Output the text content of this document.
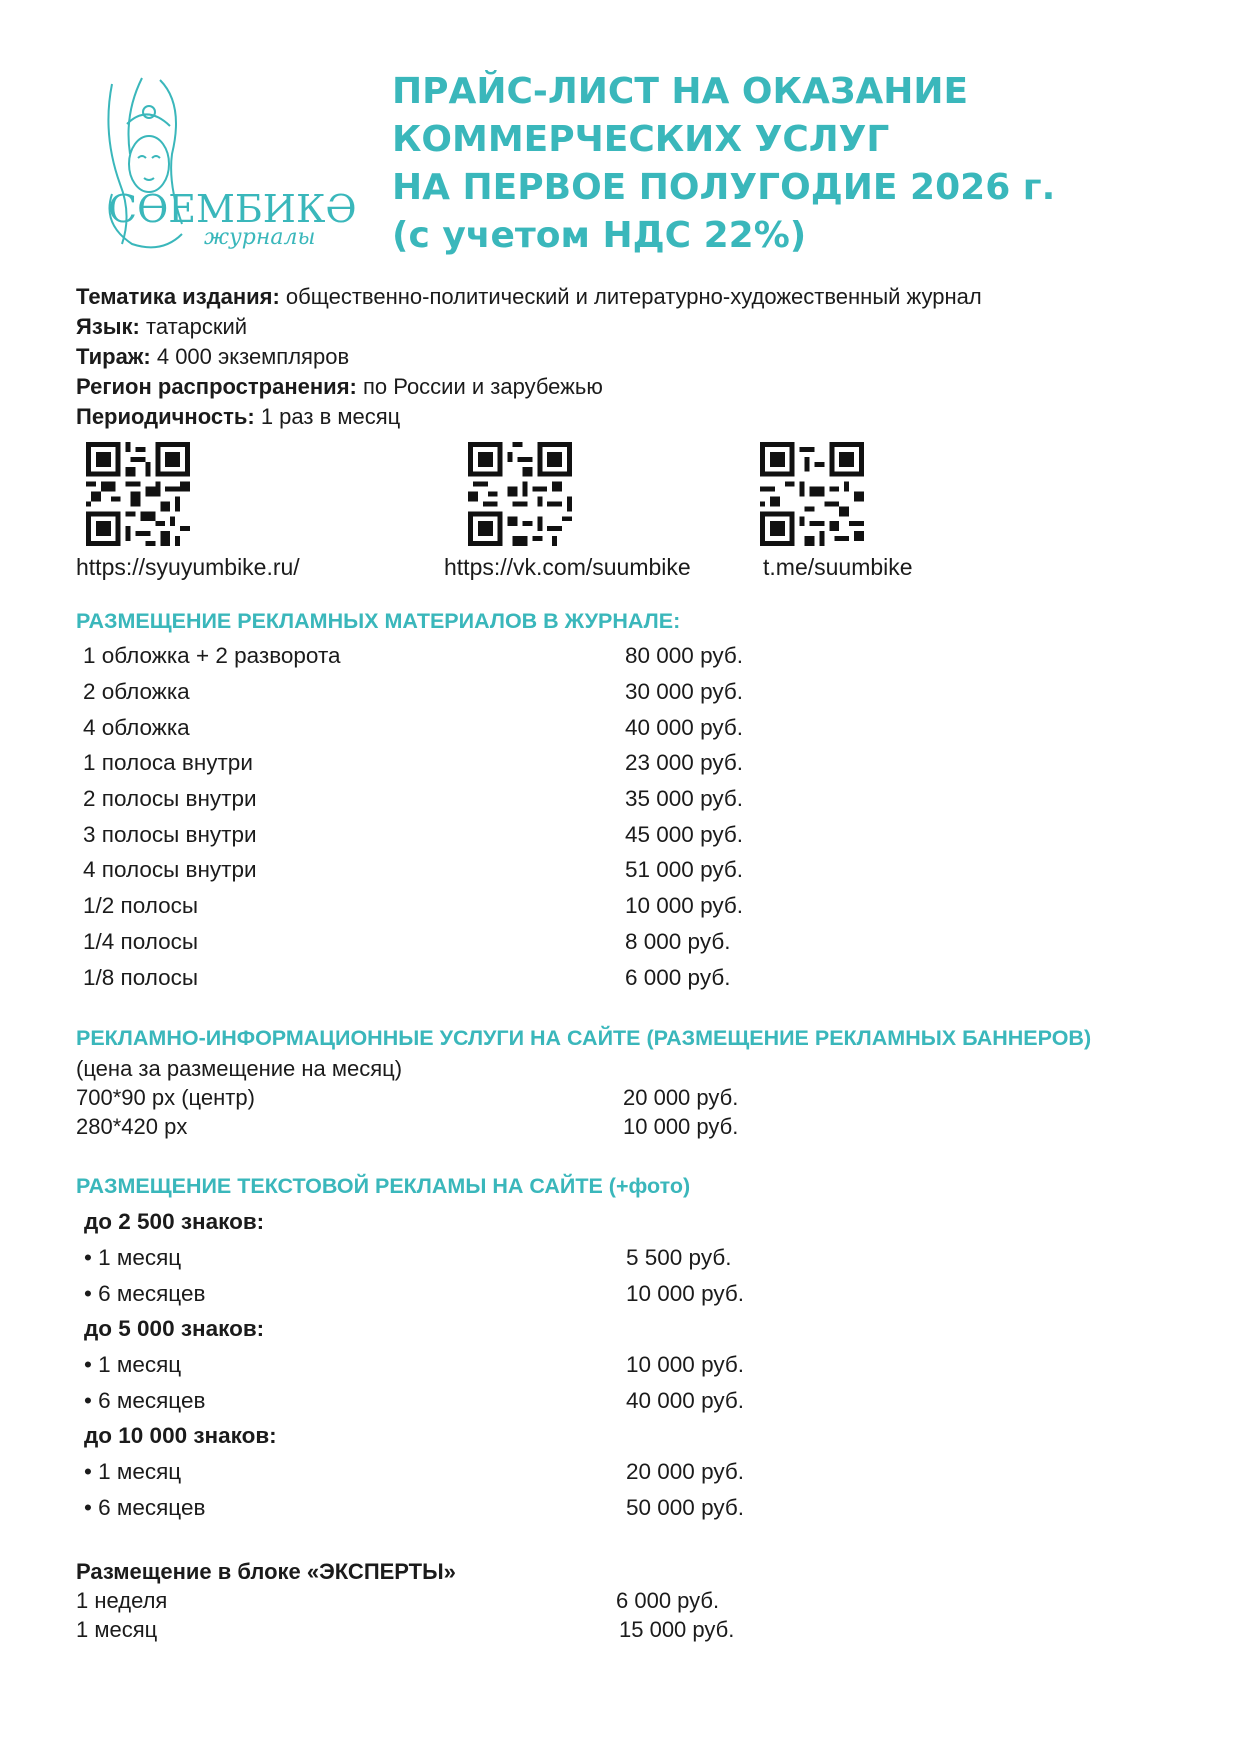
СӨЕМБИКӘ
журналы
ПРАЙС-ЛИСТ НА ОКАЗАНИЕ
КОММЕРЧЕСКИХ УСЛУГ
НА ПЕРВОЕ ПОЛУГОДИЕ 2026 г.
(с учетом НДС 22%)
Тематика издания: общественно-политический и литературно-художественный журнал
Язык: татарский
Тираж: 4 000 экземпляров
Регион распространения: по России и зарубежью
Периодичность: 1 раз в месяц
https://syuyumbike.ru/	https://vk.com/suumbike	t.me/suumbike
РАЗМЕЩЕНИЕ РЕКЛАМНЫХ МАТЕРИАЛОВ В ЖУРНАЛЕ:
1 обложка + 2 разворота	80 000 руб.
2 обложка	30 000 руб.
4 обложка	40 000 руб.
1 полоса внутри	23 000 руб.
2 полосы внутри	35 000 руб.
3 полосы внутри	45 000 руб.
4 полосы внутри	51 000 руб.
1/2 полосы	10 000 руб.
1/4 полосы	8 000 руб.
1/8 полосы	6 000 руб.
РЕКЛАМНО-ИНФОРМАЦИОННЫЕ УСЛУГИ НА САЙТЕ (РАЗМЕЩЕНИЕ РЕКЛАМНЫХ БАННЕРОВ)
(цена за размещение на месяц)
700*90 px (центр)	20 000 руб.
280*420 px	10 000 руб.
РАЗМЕЩЕНИЕ ТЕКСТОВОЙ РЕКЛАМЫ НА САЙТЕ (+фото)
до 2 500 знаков:
• 1 месяц	5 500 руб.
• 6 месяцев	10 000 руб.
до 5 000 знаков:
• 1 месяц	10 000 руб.
• 6 месяцев	40 000 руб.
до 10 000 знаков:
• 1 месяц	20 000 руб.
• 6 месяцев	50 000 руб.
Размещение в блоке «ЭКСПЕРТЫ»
1 неделя	6 000 руб.
1 месяц	15 000 руб.
